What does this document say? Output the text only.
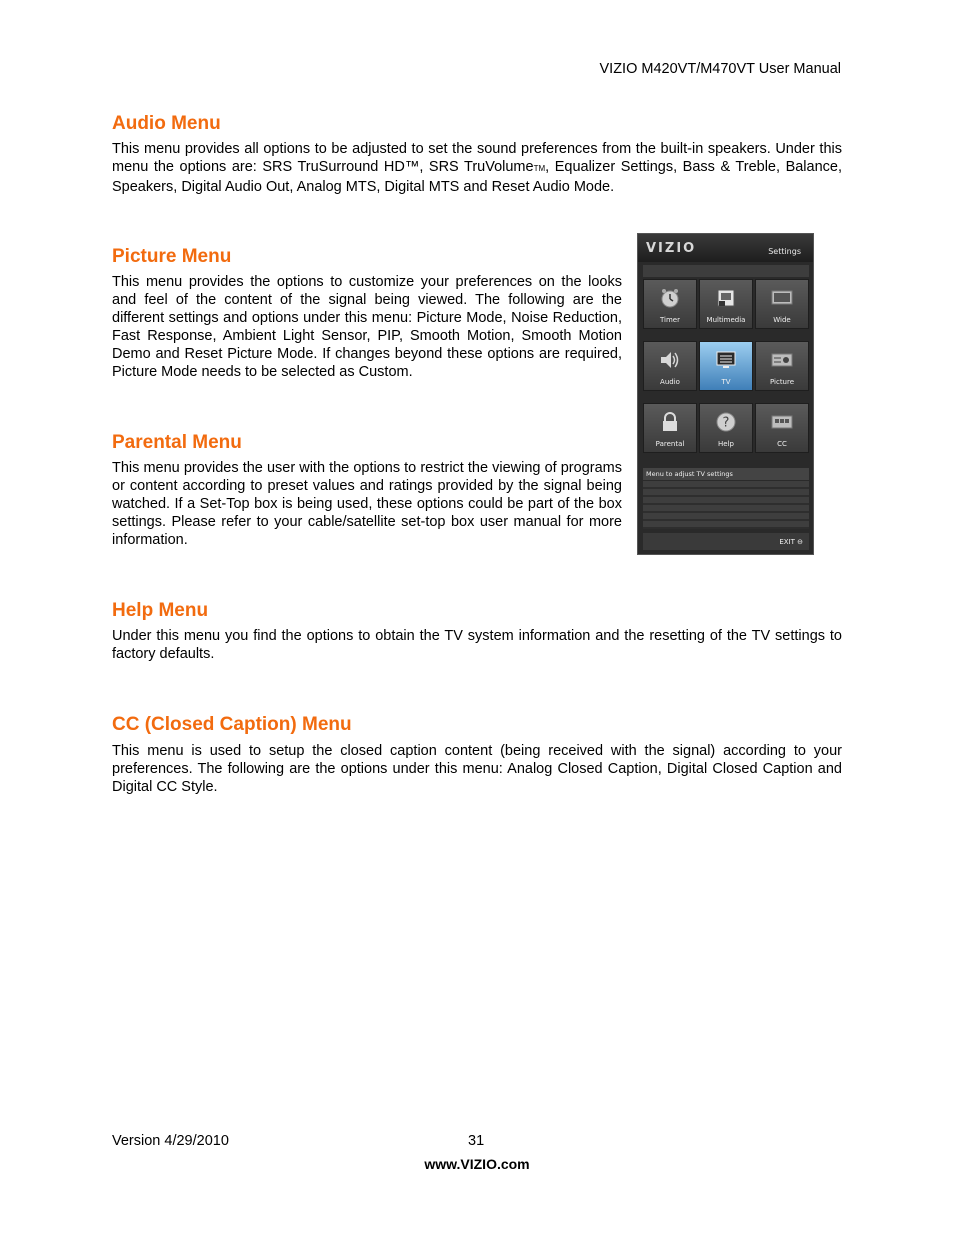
VIZIO M420VT/M470VT User Manual
Audio Menu

This menu provides all options to be adjusted to set the sound preferences from the built-in speakers. Under this menu the options are: SRS TruSurround HD™, SRS TruVolumeTM, Equalizer Settings, Bass & Treble, Balance, Speakers, Digital Audio Out, Analog MTS, Digital MTS and Reset Audio Mode.

Picture Menu

This menu provides the options to customize your preferences on the looks and feel of the content of the signal being viewed. The following are the different settings and options under this menu: Picture Mode, Noise Reduction, Fast Response, Ambient Light Sensor, PIP, Smooth Motion, Smooth Motion Demo and Reset Picture Mode. If changes beyond these options are required, Picture Mode needs to be selected as Custom.

Parental Menu

This menu provides the user with the options to restrict the viewing of programs or content according to preset values and ratings provided by the signal being watched. If a Set-Top box is being used, these options could be part of the box settings. Please refer to your cable/satellite set-top box user manual for more information.

Help Menu

Under this menu you find the options to obtain the TV system information and the resetting of the TV settings to factory defaults.

CC (Closed Caption) Menu

This menu is used to setup the closed caption content (being received with the signal) according to your preferences. The following are the options under this menu: Analog Closed Caption, Digital Closed Caption and Digital CC Style.

VIZIO	Settings
Timer	Multimedia	Wide
Audio	TV	Picture
Parental
?
Help	CC
Menu to adjust TV settings
EXIT ⊖
Version 4/29/2010	31
www.VIZIO.com
